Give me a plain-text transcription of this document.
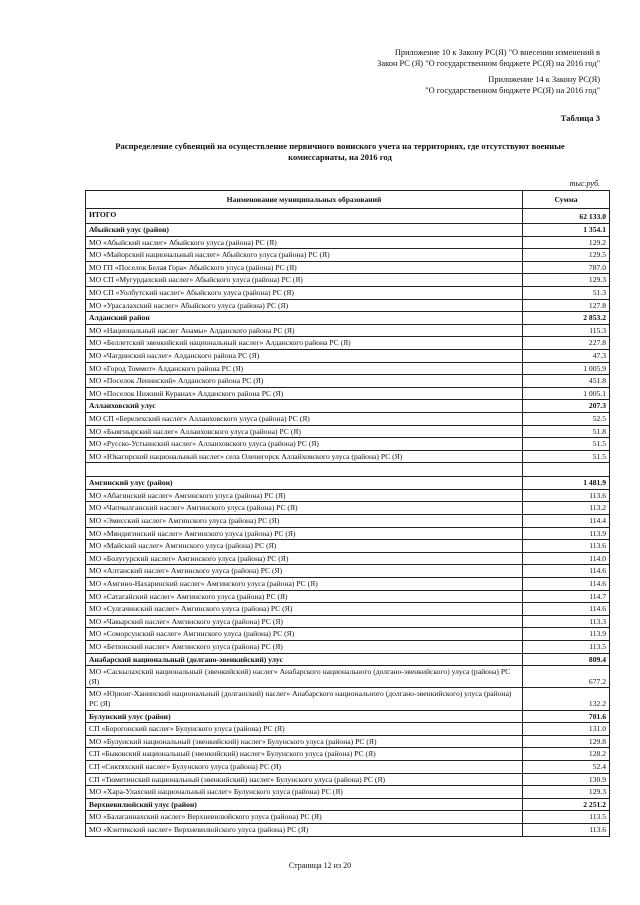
Приложение 10 к Закону РС(Я) "О внесении изменений в
Закон РС (Я) "О государственном бюджете РС(Я) на 2016 год"
Приложение 14 к Закону РС(Я)
"О государственном бюджете РС(Я) на 2016 год"
Таблица 3
Распределение субвенций на осуществление первичного воинского учета на территориях, где отсутствуют военные комиссариаты, на 2016 год
тыс.руб.
Наименование муниципальных образований	Сумма
ИТОГО	62 133.0
Абыйский улус (район)	1 354.1
МО «Абыйский наслег» Абыйского улуса (района) РС (Я)	129.2
МО «Майорский национальный наслег» Абыйского улуса (района) РС (Я)	129.5
МО ГП «Поселок Белая Гора» Абыйского улуса (района) РС (Я)	787.0
МО СП «Мугурдахский наслег» Абыйского улуса (района) РС (Я)	129.3
МО СП «Уолбутский наслег» Абыйского улуса (района) РС (Я)	51.3
МО «Урасалахский наслег» Абыйского улуса (района) РС (Я)	127.8
Алданский район	2 853.2
МО «Национальный наслег Анамы» Алданского района РС (Я)	115.3
МО «Беллетский эвенкийский национальный наслег» Алданского района РС (Я)	227.8
МО «Чагдинский наслег» Алданского района РС (Я)	47.3
МО «Город Томмот» Алданского района РС (Я)	1 005.9
МО «Поселок Ленинский» Алданского района РС (Я)	451.8
МО «Поселок Нижний Куранах» Алданского района РС (Я)	1 005.1
Аллаиховский улус	207.3
МО СП «Берелехский наслег» Аллаиховского улуса (района) РС (Я)	52.5
МО «Быягнырский наслег» Аллаиховского улуса (района) РС (Я)	51.8
МО «Русско-Устьинский наслег» Аллаиховского улуса (района) РС (Я)	51.5
МО «Юкагирский национальный наслег» села Оленегорск Аллайховского улуса (района) РС (Я)	51.5

Амгинский улус (район)	1 481.9
МО «Абагинский наслег» Амгинского улуса (района) РС (Я)	113.6
МО «Чапчылганский наслег» Амгинского улуса (района) РС (Я)	113.2
МО «Эмисский наслег» Амгинского улуса (района) РС (Я)	114.4
МО «Мяндигинский наслег» Амгинского улуса (района) РС (Я)	113.9
МО «Майский наслег» Амгинского улуса (района) РС (Я)	113.6
МО «Болугурский наслег» Амгинского улуса (района) РС (Я)	114.0
МО «Алтанский наслег» Амгинского улуса (района) РС (Я)	114.6
МО «Амгино-Нахаринский наслег» Амгинского улуса (района) РС (Я)	114.6
МО «Сатагайский наслег» Амгинского улуса (района) РС (Я)	114.7
МО «Сулгачинский наслег» Амгинского улуса (района) РС (Я)	114.6
МО «Чакырский наслег» Амгинского улуса (района) РС (Я)	113.3
МО «Соморсунский наслег» Амгинского улуса (района) РС (Я)	113.9
МО «Бетюнский наслег» Амгинского улуса (района) РС (Я)	113.5
Анабарский национальный (долгано-эвенкийский) улус	809.4
МО «Саскылахский национальный (эвенкийский) наслег» Анабарского национального (долгано-эвенкийского) улуса (района) РС (Я)	677.2
МО «Юрюнг-Ханинский национальный (долганский) наслег» Анабарского национального (долгано-эвенкийского) улуса (района) РС (Я)	132.2
Булунский улус (район)	701.6
СП «Борогонский наслег» Булунского улуса (района) РС (Я)	131.0
МО «Булунский национальный (эвенкийский) наслег» Булунского улуса (района) РС (Я)	129.8
СП «Быковский национальный (эвенкийский) наслег» Булунского улуса (района) РС (Я)	128.2
СП «Сиктяхский наслег» Булунского улуса (района) РС (Я)	52.4
СП «Тюметинский национальный (эвенкийский) наслег» Булунского улуса (района) РС (Я)	130.9
МО «Хара-Улахский национальный наслег» Булунского улуса (района) РС (Я)	129.3
Верхневилюйский улус (район)	2 251.2
МО «Балаганнахский наслег» Верхневилюйского улуса (района) РС (Я)	113.5
МО «Кэнтикский наслег» Верхневилюйского улуса (района) РС (Я)	113.6
Страница 12 из 20
